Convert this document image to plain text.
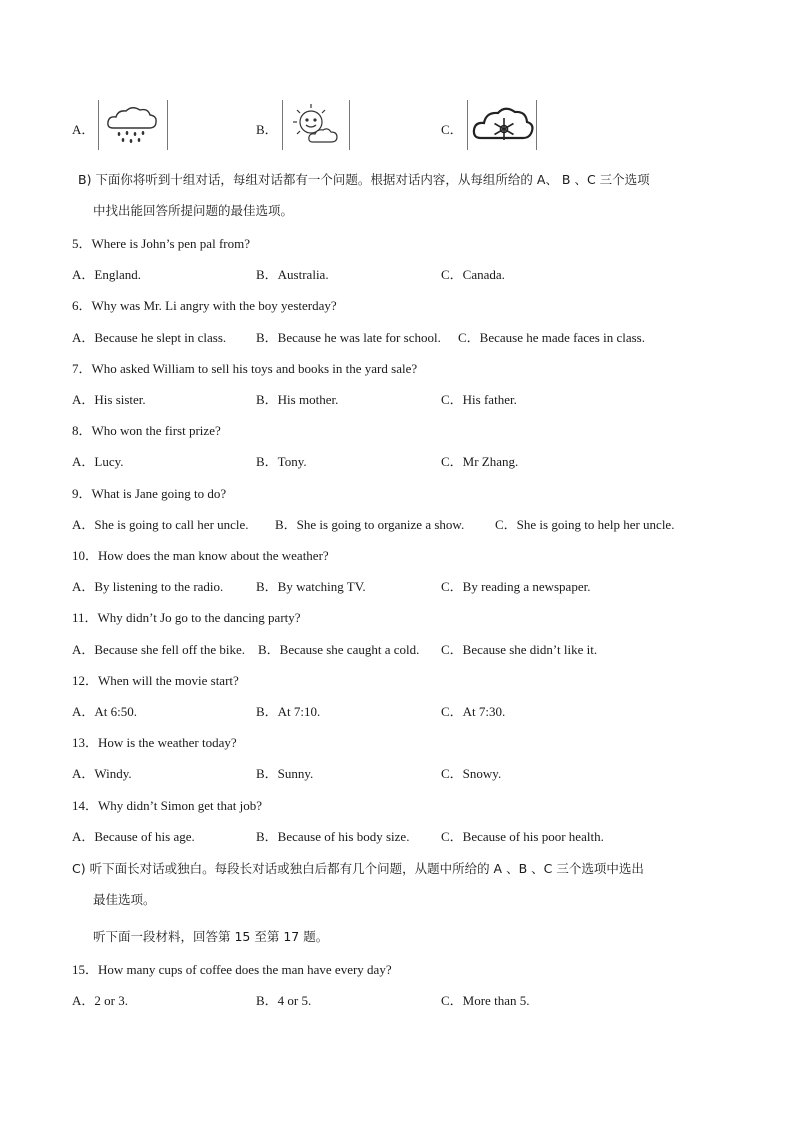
A．	B．	C．
B) 下面你将听到十组对话，每组对话都有一个问题。根据对话内容，从每组所给的 A、 B 、C 三个选项
中找出能回答所提问题的最佳选项。
5．Where is John’s pen pal from?
A．England.	B．Australia.	C．Canada.
6．Why was Mr. Li angry with the boy yesterday?
A．Because he slept in class. B．Because he was late for school. C．Because he made faces in class.
7．Who asked William to sell his toys and books in the yard sale?
A．His sister.	B．His mother.	C．His father.
8．Who won the first prize?
A．Lucy.	B．Tony.	C．Mr Zhang.
9．What is Jane going to do?
A．She is going to call her uncle. B．She is going to organize a show. C．She is going to help her uncle.
10．How does the man know about the weather?
A．By listening to the radio.	B．By watching TV.	C．By reading a newspaper.
11．Why didn’t Jo go to the dancing party?
A．Because she fell off the bike. B．Because she caught a cold. C．Because she didn’t like it.
12．When will the movie start?
A．At 6:50.	B．At 7:10.	C．At 7:30.
13．How is the weather today?
A．Windy.	B．Sunny.	C．Snowy.
14．Why didn’t Simon get that job?
A．Because of his age.	B．Because of his body size. C．Because of his poor health.
C) 听下面长对话或独白。每段长对话或独白后都有几个问题，从题中所给的 A 、B 、C 三个选项中选出
最佳选项。
听下面一段材料，回答第 15 至第 17 题。
15．How many cups of coffee does the man have every day?
A．2 or 3.	B．4 or 5.	C．More than 5.
